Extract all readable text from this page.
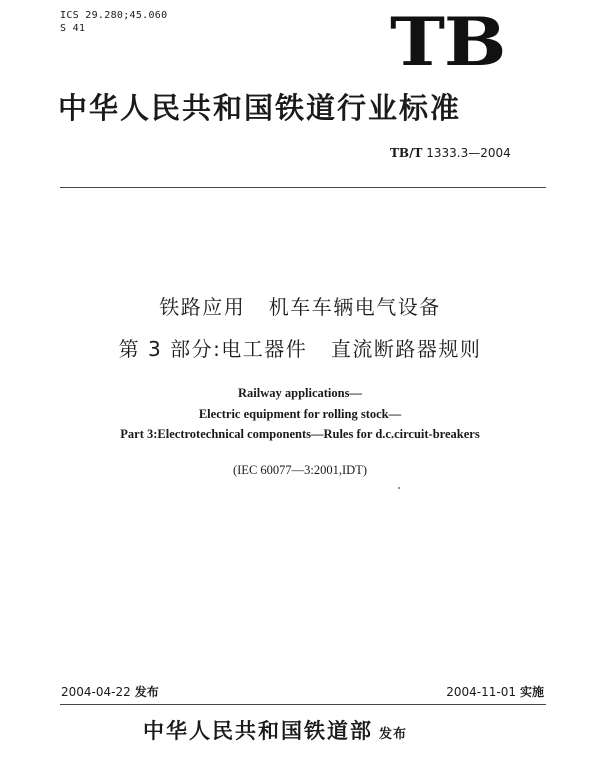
ICS 29.280;45.060
S 41	TB
中华人民共和国铁道行业标准
TB/T 1333.3—2004
铁路应用   机车车辆电气设备
第 3 部分:电工器件   直流断路器规则
Railway applications—
Electric equipment for rolling stock—
Part 3:Electrotechnical components—Rules for d.c.circuit-breakers
(IEC 60077—3:2001,IDT)
2004-04-22 发布	2004-11-01 实施
中华人民共和国铁道部 发布
